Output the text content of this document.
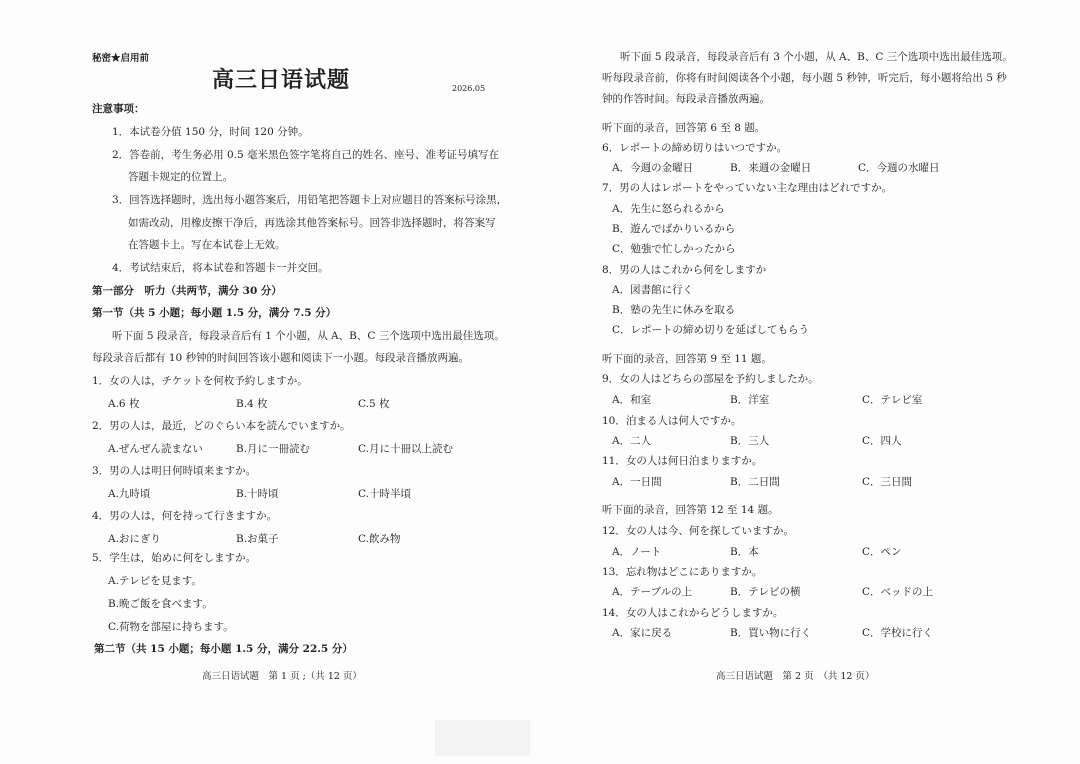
秘密★启用前
高三日语试题	2026.05
注意事项：
1．本试卷分值 150 分，时间 120 分钟。
2．答卷前，考生务必用 0.5 毫米黑色签字笔将自己的姓名、座号、准考证号填写在
答题卡规定的位置上。
3．回答选择题时，选出每小题答案后，用铅笔把答题卡上对应题目的答案标号涂黑，
如需改动，用橡皮擦干净后，再选涂其他答案标号。回答非选择题时，将答案写
在答题卡上。写在本试卷上无效。
4．考试结束后，将本试卷和答题卡一并交回。
第一部分　听力（共两节，满分 30 分）
第一节（共 5 小题；每小题 1.5 分，满分 7.5 分）
听下面 5 段录音，每段录音后有 1 个小题，从 A、B、C 三个选项中选出最佳选项。
每段录音后都有 10 秒钟的时间回答该小题和阅读下一小题。每段录音播放两遍。
1．女の人は，チケットを何枚予約しますか。
A.6 枚	B.4 枚	C.5 枚
2．男の人は，最近，どのぐらい本を読んでいますか。
A.ぜんぜん読まない	B.月に一冊読む	C.月に十冊以上読む
3．男の人は明日何時頃来ますか。
A.九時頃	B.十時頃	C.十時半頃
4．男の人は，何を持って行きますか。
A.おにぎり	B.お菓子	C.飲み物
5．学生は，始めに何をしますか。
A.テレビを見ます。
B.晩ご飯を食べます。
C.荷物を部屋に持ちます。
第二节（共 15 小题；每小题 1.5 分，满分 22.5 分）
高三日语试题　第 1 页 ;（共 12 页）
听下面 5 段录音，每段录音后有 3 个小题，从 A、B、C 三个选项中选出最佳选项。
听每段录音前，你将有时间阅读各个小题，每小题 5 秒钟，听完后，每小题将给出 5 秒
钟的作答时间。每段录音播放两遍。
听下面的录音，回答第 6 至 8 题。
6．レポートの締め切りはいつですか。
A．今週の金曜日	B．来週の金曜日	C．今週の水曜日
7．男の人はレポートをやっていない主な理由はどれですか。
A．先生に怒られるから
B．遊んでばかりいるから
C．勉強で忙しかったから
8．男の人はこれから何をしますか
A．図書館に行く
B．塾の先生に休みを取る
C．レポートの締め切りを延ばしてもらう
听下面的录音，回答第 9 至 11 题。
9．女の人はどちらの部屋を予約しましたか。
A．和室	B．洋室	C．テレビ室
10．泊まる人は何人ですか。
A．二人	B．三人	C．四人
11．女の人は何日泊まりますか。
A．一日間	B．二日間	C．三日間
听下面的录音，回答第 12 至 14 题。
12．女の人は今、何を探していますか。
A．ノート	B．本	C．ペン
13．忘れ物はどこにありますか。
A．テーブルの上	B．テレビの横	C．ベッドの上
14．女の人はこれからどうしますか。
A．家に戻る	B．買い物に行く	C．学校に行く
高三日语试题　第 2 页　（共 12 页）
